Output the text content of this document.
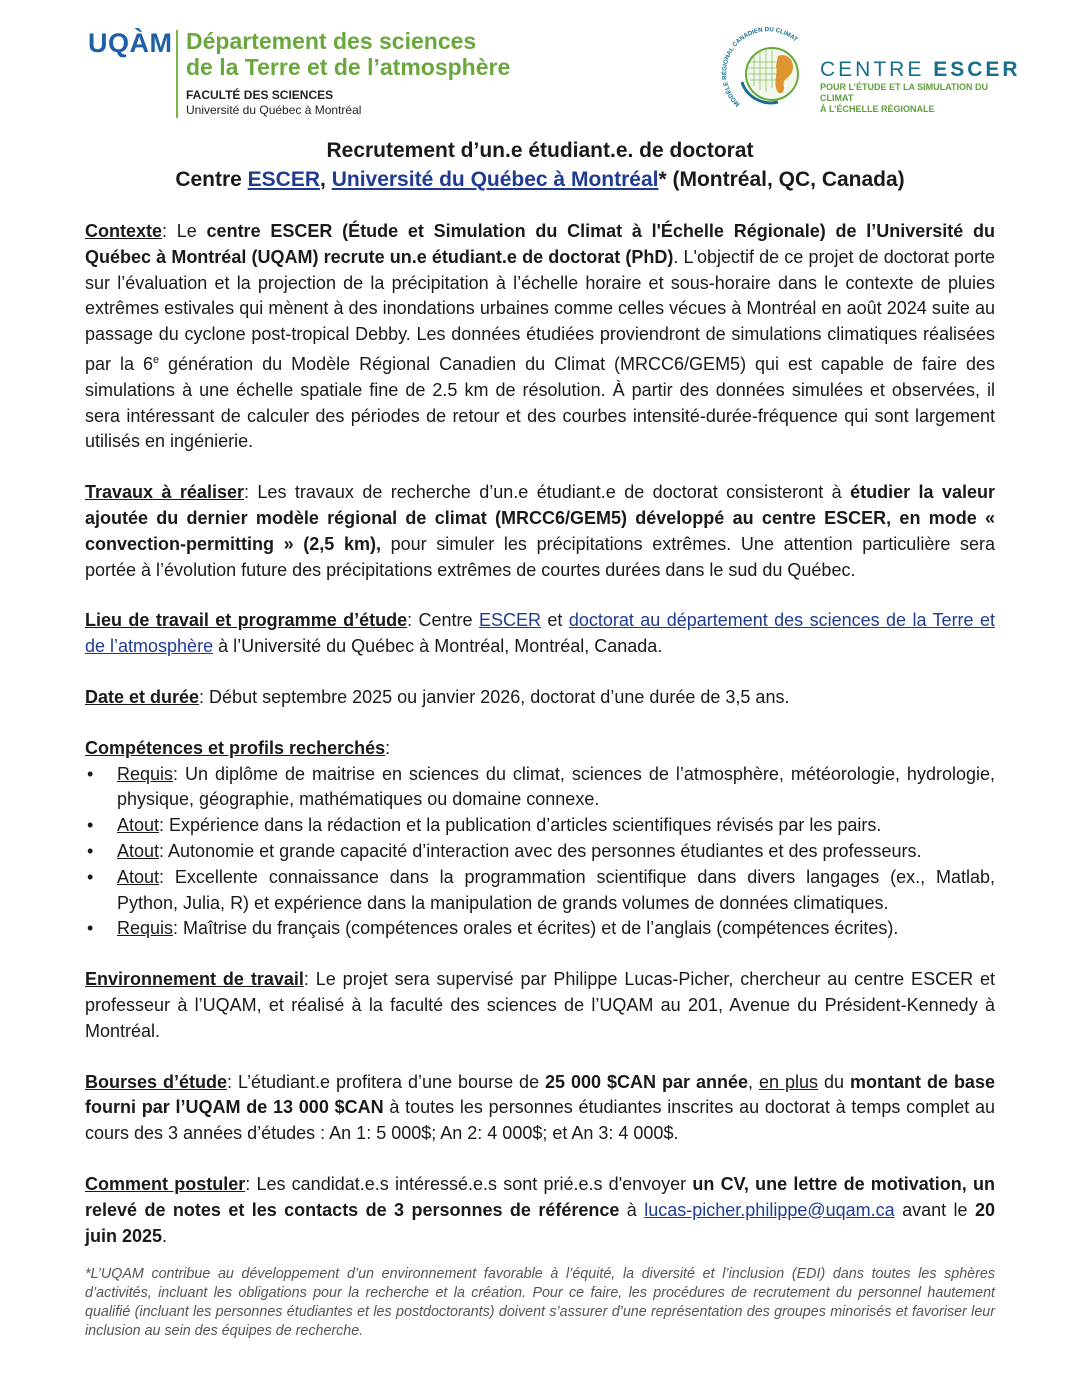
UQÀM Département des sciences
de la Terre et de l’atmosphère
FACULTÉ DES SCIENCES
Université du Québec à Montréal	MODÈLE RÉGIONAL CANADIEN DU CLIMAT
CENTRE ESCER
POUR L’ÉTUDE ET LA SIMULATION DU CLIMAT
À L’ÉCHELLE RÉGIONALE
Recrutement d’un.e étudiant.e. de doctorat
Centre ESCER, Université du Québec à Montréal* (Montréal, QC, Canada)

Contexte: Le centre ESCER (Étude et Simulation du Climat à l'Échelle Régionale) de l’Université du Québec à Montréal (UQAM) recrute un.e étudiant.e de doctorat (PhD). L'objectif de ce projet de doctorat porte sur l’évaluation et la projection de la précipitation à l’échelle horaire et sous-horaire dans le contexte de pluies extrêmes estivales qui mènent à des inondations urbaines comme celles vécues à Montréal en août 2024 suite au passage du cyclone post-tropical Debby. Les données étudiées proviendront de simulations climatiques réalisées par la 6e génération du Modèle Régional Canadien du Climat (MRCC6/GEM5) qui est capable de faire des simulations à une échelle spatiale fine de 2.5 km de résolution. À partir des données simulées et observées, il sera intéressant de calculer des périodes de retour et des courbes intensité-durée-fréquence qui sont largement utilisés en ingénierie.

Travaux à réaliser: Les travaux de recherche d’un.e étudiant.e de doctorat consisteront à étudier la valeur ajoutée du dernier modèle régional de climat (MRCC6/GEM5) développé au centre ESCER, en mode « convection-permitting » (2,5 km), pour simuler les précipitations extrêmes. Une attention particulière sera portée à l’évolution future des précipitations extrêmes de courtes durées dans le sud du Québec.

Lieu de travail et programme d’étude: Centre ESCER et doctorat au département des sciences de la Terre et de l’atmosphère à l’Université du Québec à Montréal, Montréal, Canada.

Date et durée: Début septembre 2025 ou janvier 2026, doctorat d’une durée de 3,5 ans.

Compétences et profils recherchés:
• Requis: Un diplôme de maitrise en sciences du climat, sciences de l’atmosphère, météorologie, hydrologie, physique, géographie, mathématiques ou domaine connexe.
• Atout: Expérience dans la rédaction et la publication d’articles scientifiques révisés par les pairs.
• Atout: Autonomie et grande capacité d’interaction avec des personnes étudiantes et des professeurs.
• Atout: Excellente connaissance dans la programmation scientifique dans divers langages (ex., Matlab, Python, Julia, R) et expérience dans la manipulation de grands volumes de données climatiques.
• Requis: Maîtrise du français (compétences orales et écrites) et de l’anglais (compétences écrites).

Environnement de travail: Le projet sera supervisé par Philippe Lucas-Picher, chercheur au centre ESCER et professeur à l’UQAM, et réalisé à la faculté des sciences de l’UQAM au 201, Avenue du Président-Kennedy à Montréal.

Bourses d’étude: L’étudiant.e profitera d’une bourse de 25 000 $CAN par année, en plus du montant de base fourni par l’UQAM de 13 000 $CAN à toutes les personnes étudiantes inscrites au doctorat à temps complet au cours des 3 années d’études : An 1: 5 000$; An 2: 4 000$; et An 3: 4 000$.

Comment postuler: Les candidat.e.s intéressé.e.s sont prié.e.s d'envoyer un CV, une lettre de motivation, un relevé de notes et les contacts de 3 personnes de référence à lucas-picher.philippe@uqam.ca avant le 20 juin 2025.

*L’UQAM contribue au développement d’un environnement favorable à l’équité, la diversité et l’inclusion (EDI) dans toutes les sphères d’activités, incluant les obligations pour la recherche et la création. Pour ce faire, les procédures de recrutement du personnel hautement qualifié (incluant les personnes étudiantes et les postdoctorants) doivent s’assurer d’une représentation des groupes minorisés et favoriser leur inclusion au sein des équipes de recherche.
